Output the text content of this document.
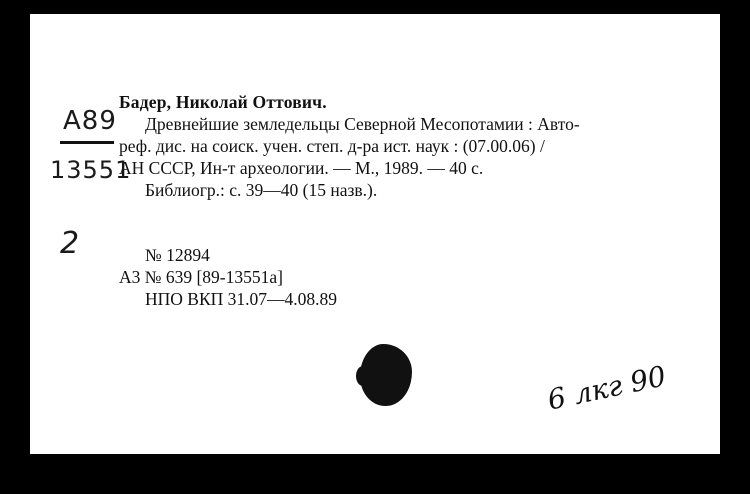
A89
13551
2
Бадер, Николай Оттович.
Древнейшие земледельцы Северной Месопотамии : Авто-
реф. дис. на соиск. учен. степ. д-ра ист. наук : (07.00.06) /
АН СССР, Ин-т археологии. — М., 1989. — 40 с.
Библиогр.: с. 39—40 (15 назв.).
№ 12894
А3 № 639 [89-13551а]
НПО ВКП 31.07—4.08.89
6 лкг 90
